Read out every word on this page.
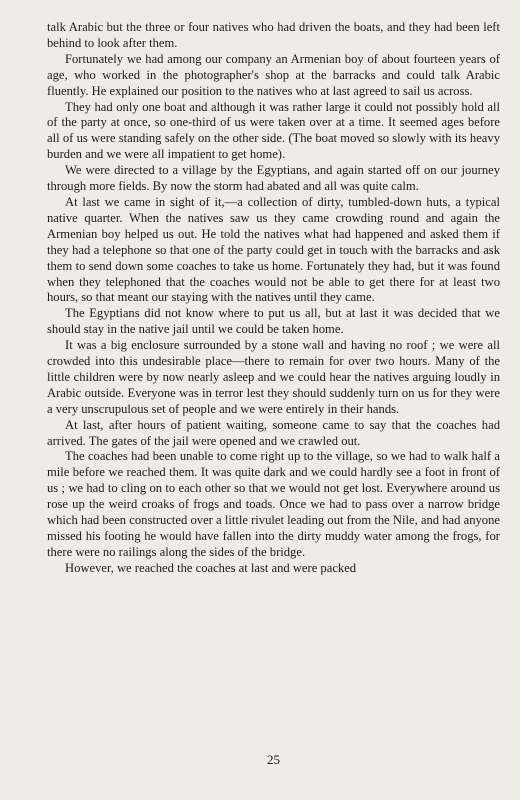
talk Arabic but the three or four natives who had driven the boats, and they had been left behind to look after them.

Fortunately we had among our company an Armenian boy of about fourteen years of age, who worked in the photographer's shop at the barracks and could talk Arabic fluently. He explained our position to the natives who at last agreed to sail us across.

They had only one boat and although it was rather large it could not possibly hold all of the party at once, so one-third of us were taken over at a time. It seemed ages before all of us were standing safely on the other side. (The boat moved so slowly with its heavy burden and we were all impatient to get home).

We were directed to a village by the Egyptians, and again started off on our journey through more fields. By now the storm had abated and all was quite calm.

At last we came in sight of it,—a collection of dirty, tumbled-down huts, a typical native quarter. When the natives saw us they came crowding round and again the Armenian boy helped us out. He told the natives what had happened and asked them if they had a telephone so that one of the party could get in touch with the barracks and ask them to send down some coaches to take us home. Fortunately they had, but it was found when they telephoned that the coaches would not be able to get there for at least two hours, so that meant our staying with the natives until they came.

The Egyptians did not know where to put us all, but at last it was decided that we should stay in the native jail until we could be taken home.

It was a big enclosure surrounded by a stone wall and having no roof ; we were all crowded into this undesirable place—there to remain for over two hours. Many of the little children were by now nearly asleep and we could hear the natives arguing loudly in Arabic outside. Everyone was in terror lest they should suddenly turn on us for they were a very unscrupulous set of people and we were entirely in their hands.

At last, after hours of patient waiting, someone came to say that the coaches had arrived. The gates of the jail were opened and we crawled out.

The coaches had been unable to come right up to the village, so we had to walk half a mile before we reached them. It was quite dark and we could hardly see a foot in front of us ; we had to cling on to each other so that we would not get lost. Everywhere around us rose up the weird croaks of frogs and toads. Once we had to pass over a narrow bridge which had been constructed over a little rivulet leading out from the Nile, and had anyone missed his footing he would have fallen into the dirty muddy water among the frogs, for there were no railings along the sides of the bridge.

However, we reached the coaches at last and were packed

25
